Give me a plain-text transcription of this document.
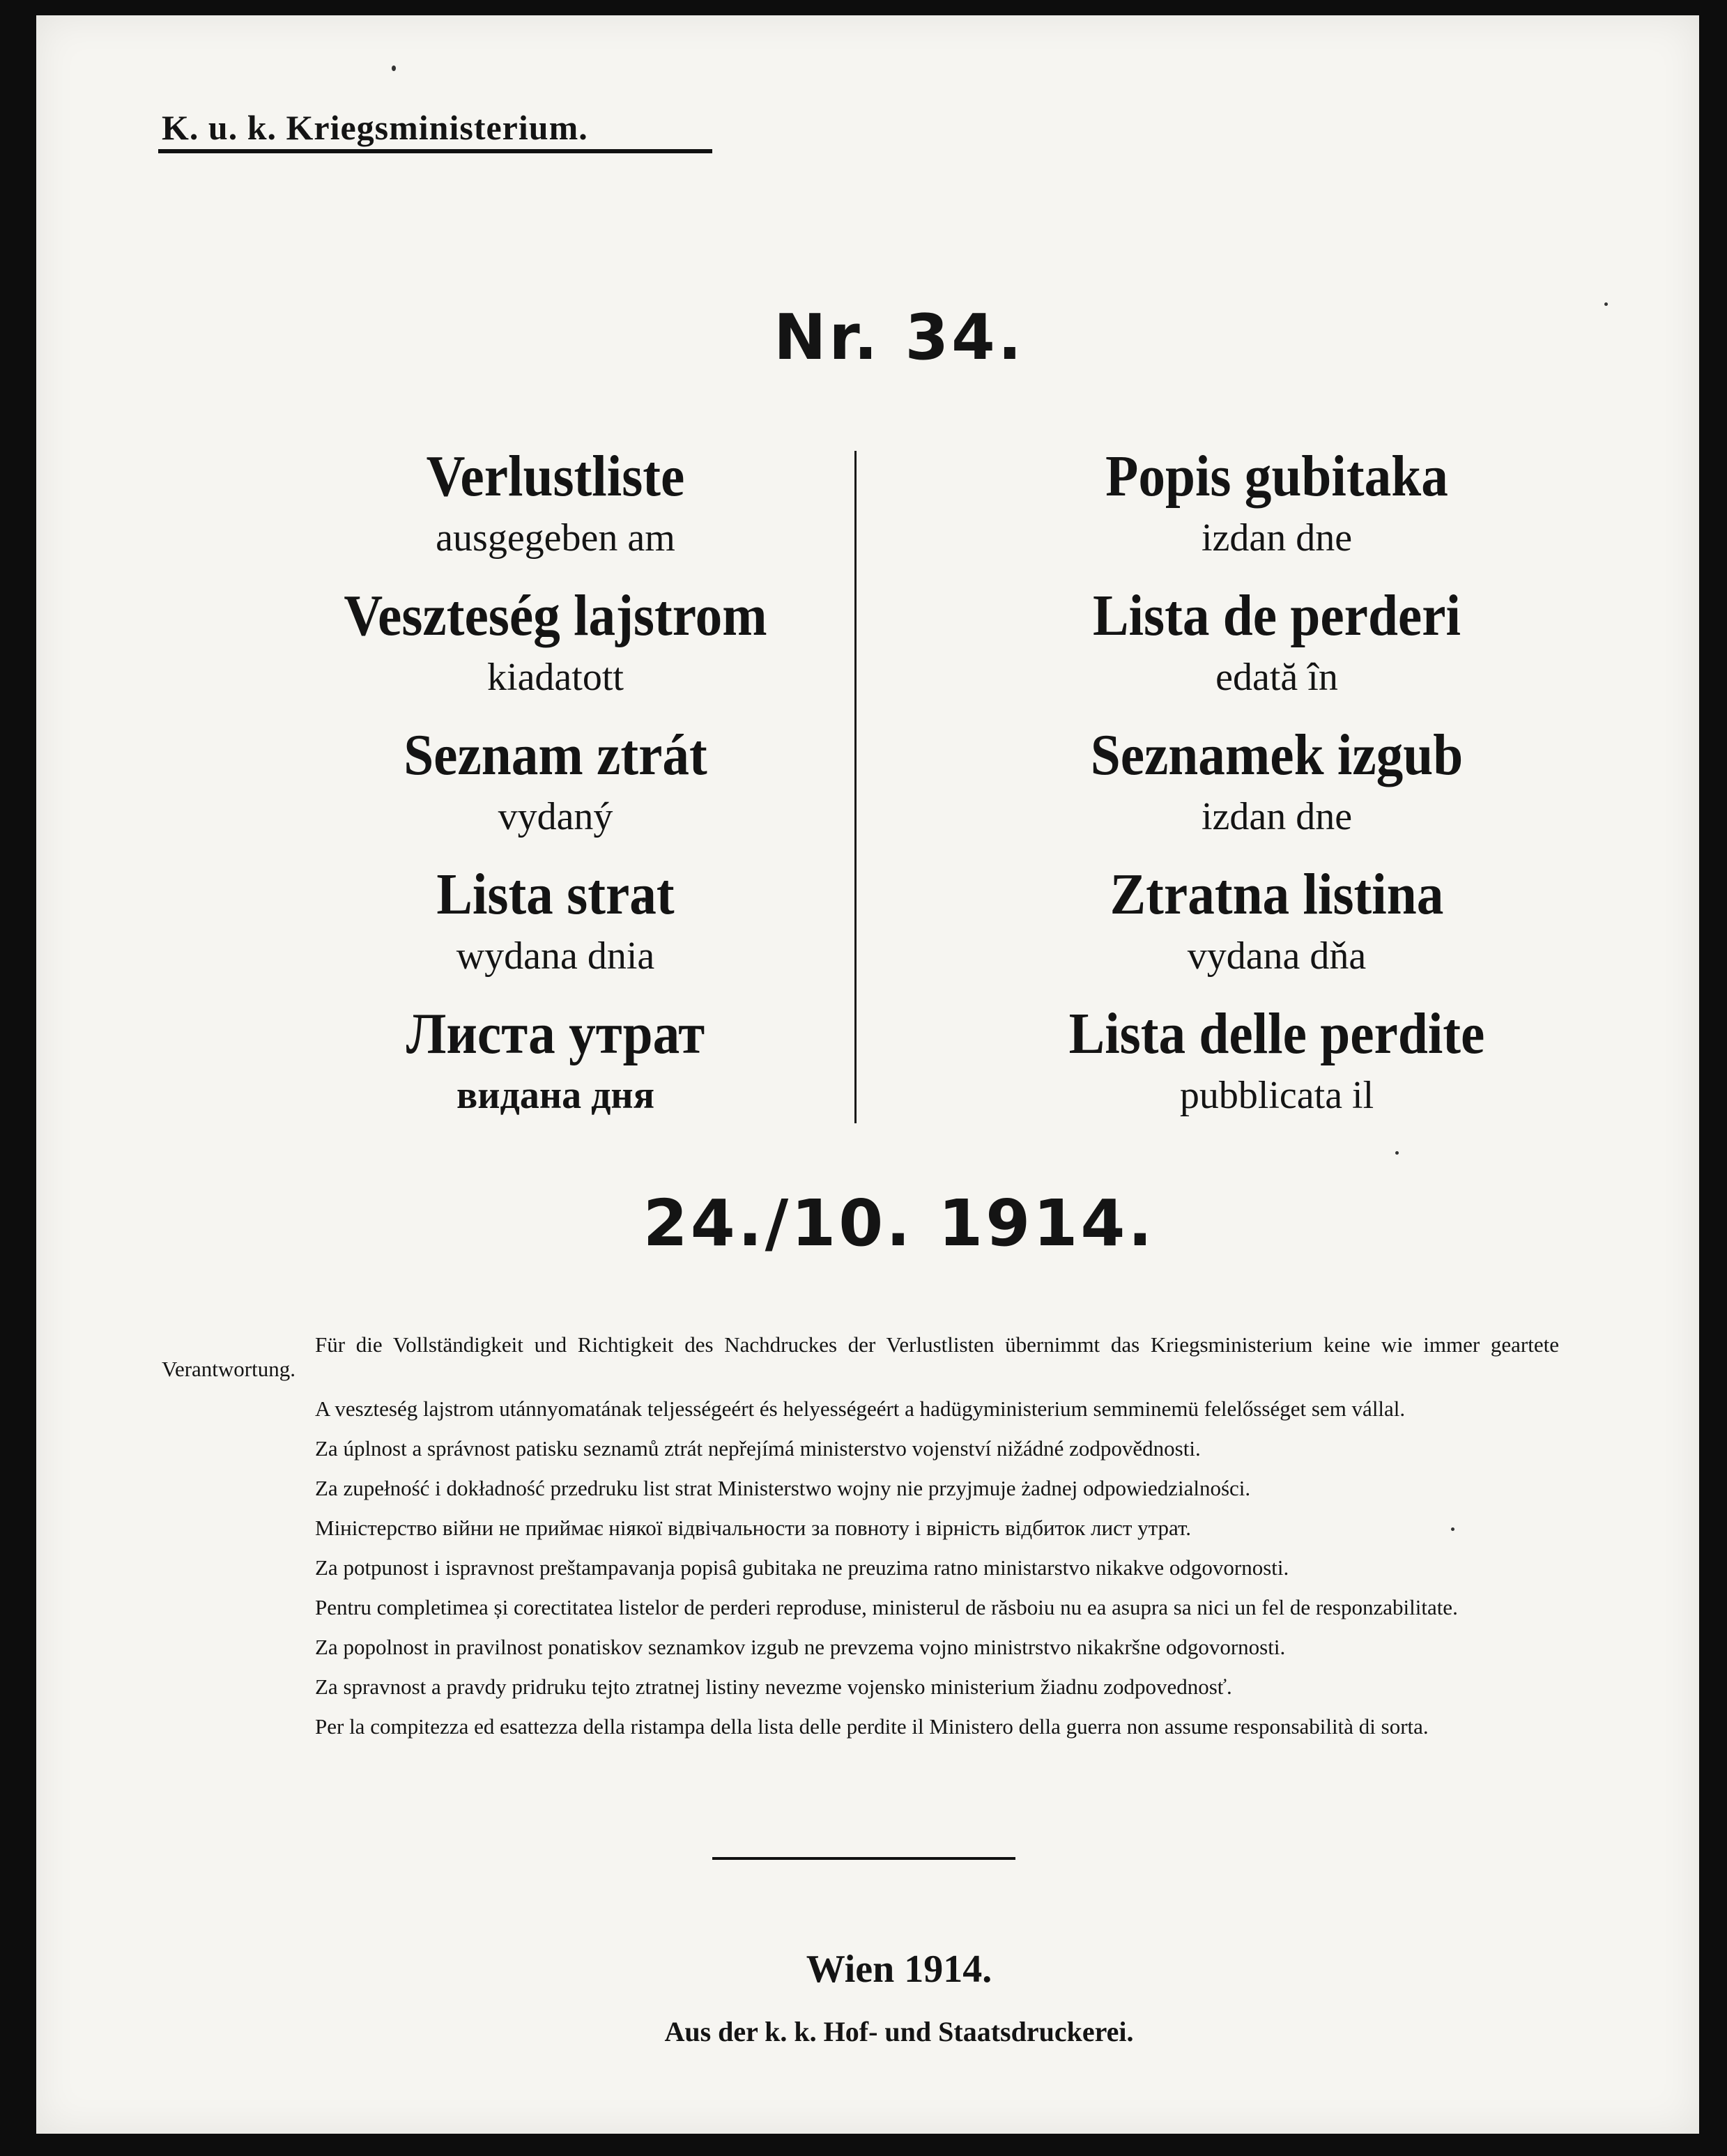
K. u. k. Kriegsministerium.
Nr. 34.
Verlustliste
ausgegeben am
Veszteség lajstrom
kiadatott
Seznam ztrát
vydaný
Lista strat
wydana dnia
Листа утрат
видана дня
Popis gubitaka
izdan dne
Lista de perderi
edată în
Seznamek izgub
izdan dne
Ztratna listina
vydana dňa
Lista delle perdite
pubblicata il
24./10. 1914.

Für die Vollständigkeit und Richtigkeit des Nachdruckes der Verlustlisten übernimmt das Kriegsministerium keine wie immer geartete Verantwortung.

A veszteség lajstrom utánnyomatának teljességeért és helyességeért a hadügyministerium semminemü felelősséget sem vállal.

Za úplnost a správnost patisku seznamů ztrát nepřejímá ministerstvo vojenství nižádné zodpovědnosti.

Za zupełność i dokładność przedruku list strat Ministerstwo wojny nie przyjmuje żadnej odpowiedzialności.

Міністерство війни не приймає ніякої відвічальности за повноту і вірність відбиток лист утрат.

Za potpunost i ispravnost preštampavanja popisâ gubitaka ne preuzima ratno ministarstvo nikakve odgovornosti.

Pentru completimea și corectitatea listelor de perderi reproduse, ministerul de răsboiu nu ea asupra sa nici un fel de responzabilitate.

Za popolnost in pravilnost ponatiskov seznamkov izgub ne prevzema vojno ministrstvo nikakršne odgovornosti.

Za spravnost a pravdy pridruku tejto ztratnej listiny nevezme vojensko ministerium žiadnu zodpovednosť.

Per la compitezza ed esattezza della ristampa della lista delle perdite il Ministero della guerra non assume responsabilità di sorta.

Wien 1914.
Aus der k. k. Hof- und Staatsdruckerei.
